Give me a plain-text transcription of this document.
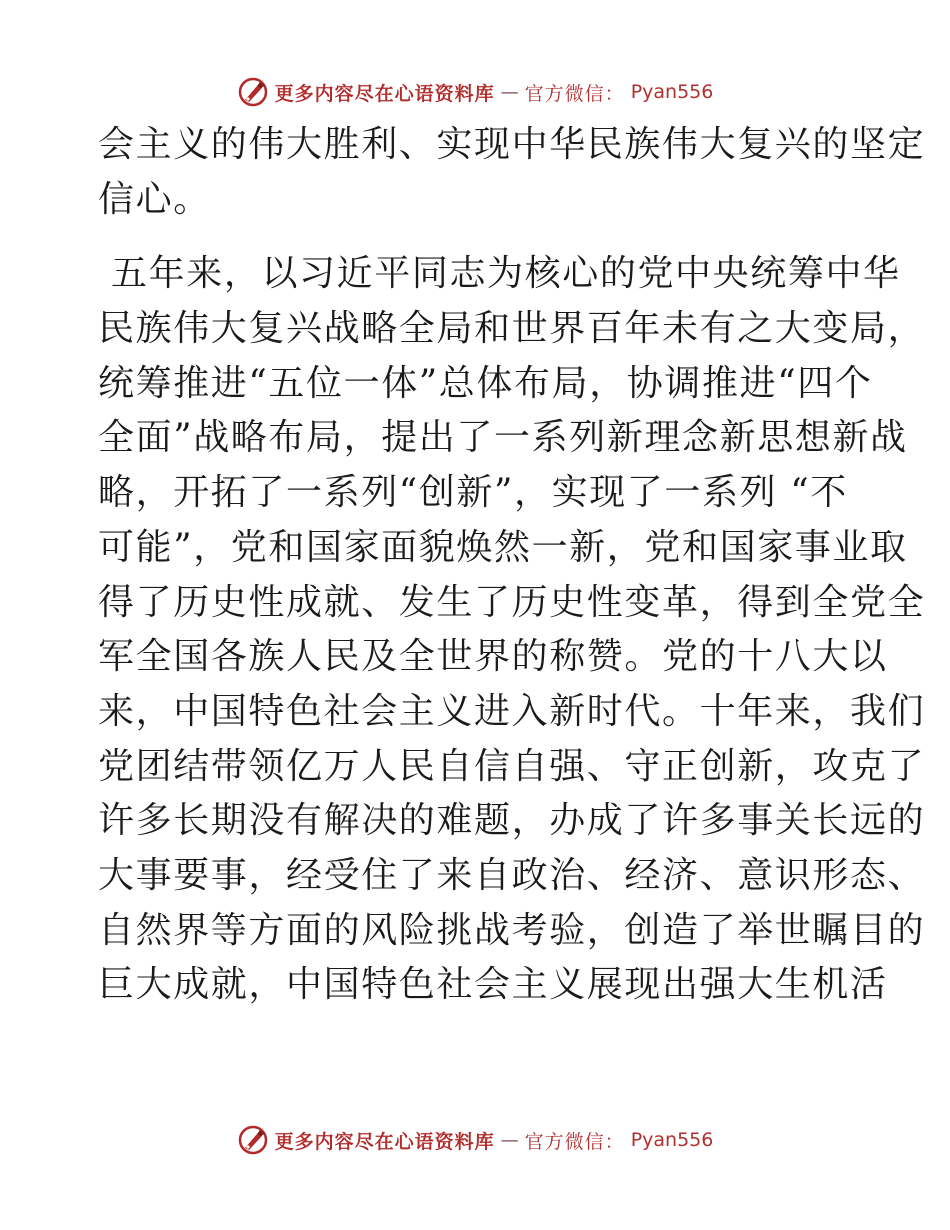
更多内容尽在心语资料库 — 官方微信： Pyan556
会主义的伟大胜利、实现中华民族伟大复兴的坚定
信心。
五年来，以习近平同志为核心的党中央统筹中华
民族伟大复兴战略全局和世界百年未有之大变局，
统筹推进“五位一体”总体布局，协调推进“四个
全面”战略布局，提出了一系列新理念新思想新战
略，开拓了一系列“创新”，实现了一系列 “不
可能”，党和国家面貌焕然一新，党和国家事业取
得了历史性成就、发生了历史性变革，得到全党全
军全国各族人民及全世界的称赞。党的十八大以
来，中国特色社会主义进入新时代。十年来，我们
党团结带领亿万人民自信自强、守正创新，攻克了
许多长期没有解决的难题，办成了许多事关长远的
大事要事，经受住了来自政治、经济、意识形态、
自然界等方面的风险挑战考验，创造了举世瞩目的
巨大成就，中国特色社会主义展现出强大生机活
更多内容尽在心语资料库 — 官方微信： Pyan556
